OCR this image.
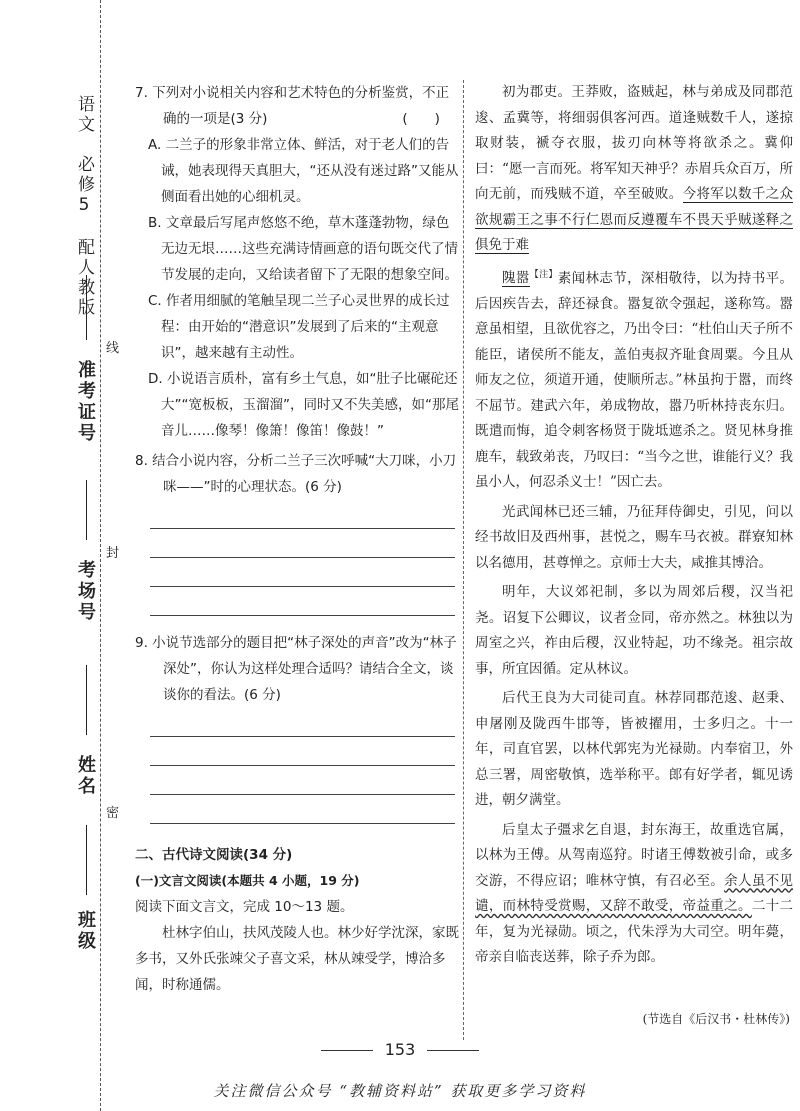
语文　必修5　配人教版
准考证号
考场号
姓名
班级
线
封
密

7. 下列对小说相关内容和艺术特色的分析鉴赏，不正确的一项是(3 分)　　　　　　　　　　(　　)

A. 二兰子的形象非常立体、鲜活，对于老人们的告诫，她表现得天真胆大，“还从没有迷过路”又能从侧面看出她的心细机灵。

B. 文章最后写尾声悠悠不绝，草木蓬蓬勃物，绿色无边无垠……这些充满诗情画意的语句既交代了情节发展的走向，又给读者留下了无限的想象空间。

C. 作者用细腻的笔触呈现二兰子心灵世界的成长过程：由开始的“潜意识”发展到了后来的“主观意识”，越来越有主动性。

D. 小说语言质朴，富有乡土气息，如“肚子比碾砣还大”“宽板板，玉溜溜”，同时又不失美感，如“那尾音儿……像琴！像箫！像笛！像鼓！”

8. 结合小说内容，分析二兰子三次呼喊“大刀咪，小刀咪——”时的心理状态。(6 分)

9. 小说节选部分的题目把“林子深处的声音”改为“林子深处”，你认为这样处理合适吗？请结合全文，谈谈你的看法。(6 分)

二、古代诗文阅读(34 分)

(一)文言文阅读(本题共 4 小题，19 分)

阅读下面文言文，完成 10～13 题。

杜林字伯山，扶风茂陵人也。林少好学沈深，家既多书，又外氏张竦父子喜文采，林从竦受学，博洽多闻，时称通儒。

初为郡吏。王莽败，盗贼起，林与弟成及同郡范逡、孟冀等，将细弱俱客河西。道逢贼数千人，遂掠取财装，褫夺衣服，拔刃向林等将欲杀之。冀仰曰：“愿一言而死。将军知天神乎？赤眉兵众百万，所向无前，而残贼不道，卒至破败。今将军以数千之众欲规霸王之事不行仁恩而反遵覆车不畏天乎贼遂释之俱免于难

隗嚣$^{【注】}$素闻林志节，深相敬待，以为持书平。后因疾告去，辞还禄食。嚣复欲令强起，遂称笃。嚣意虽相望，且欲优容之，乃出令曰：“杜伯山天子所不能臣，诸侯所不能友，盖伯夷叔齐耻食周粟。今且从师友之位，须道开通，使顺所志。”林虽拘于嚣，而终不屈节。建武六年，弟成物故，嚣乃听林持丧东归。既遣而悔，追令刺客杨贤于陇坻遮杀之。贤见林身推鹿车，载致弟丧，乃叹曰：“当今之世，谁能行义？我虽小人，何忍杀义士！”因亡去。

光武闻林已还三辅，乃征拜侍御史，引见，问以经书故旧及西州事，甚悦之，赐车马衣被。群寮知林以名德用，甚尊惮之。京师士大夫，咸推其博洽。

明年，大议郊祀制，多以为周郊后稷，汉当祀尧。诏复下公卿议，议者佥同，帝亦然之。林独以为周室之兴，祚由后稷，汉业特起，功不缘尧。祖宗故事，所宜因循。定从林议。

后代王良为大司徒司直。林荐同郡范逡、赵秉、申屠刚及陇西牛邯等，皆被擢用，士多归之。十一年，司直官罢，以林代郭宪为光禄勋。内奉宿卫，外总三署，周密敬慎，选举称平。郎有好学者，辄见诱进，朝夕满堂。

后皇太子彊求乞自退，封东海王，故重选官属，以林为王傅。从驾南巡狩。时诸王傅数被引命，或多交游，不得应诏；唯林守慎，有召必至。余人虽不见谴，而林特受赏赐，又辞不敢受，帝益重之。二十二年，复为光禄勋。顷之，代朱浮为大司空。明年薨，帝亲自临丧送葬，除子乔为郎。

(节选自《后汉书・杜林传》)
153
关注微信公众号 “教辅资料站” 获取更多学习资料
